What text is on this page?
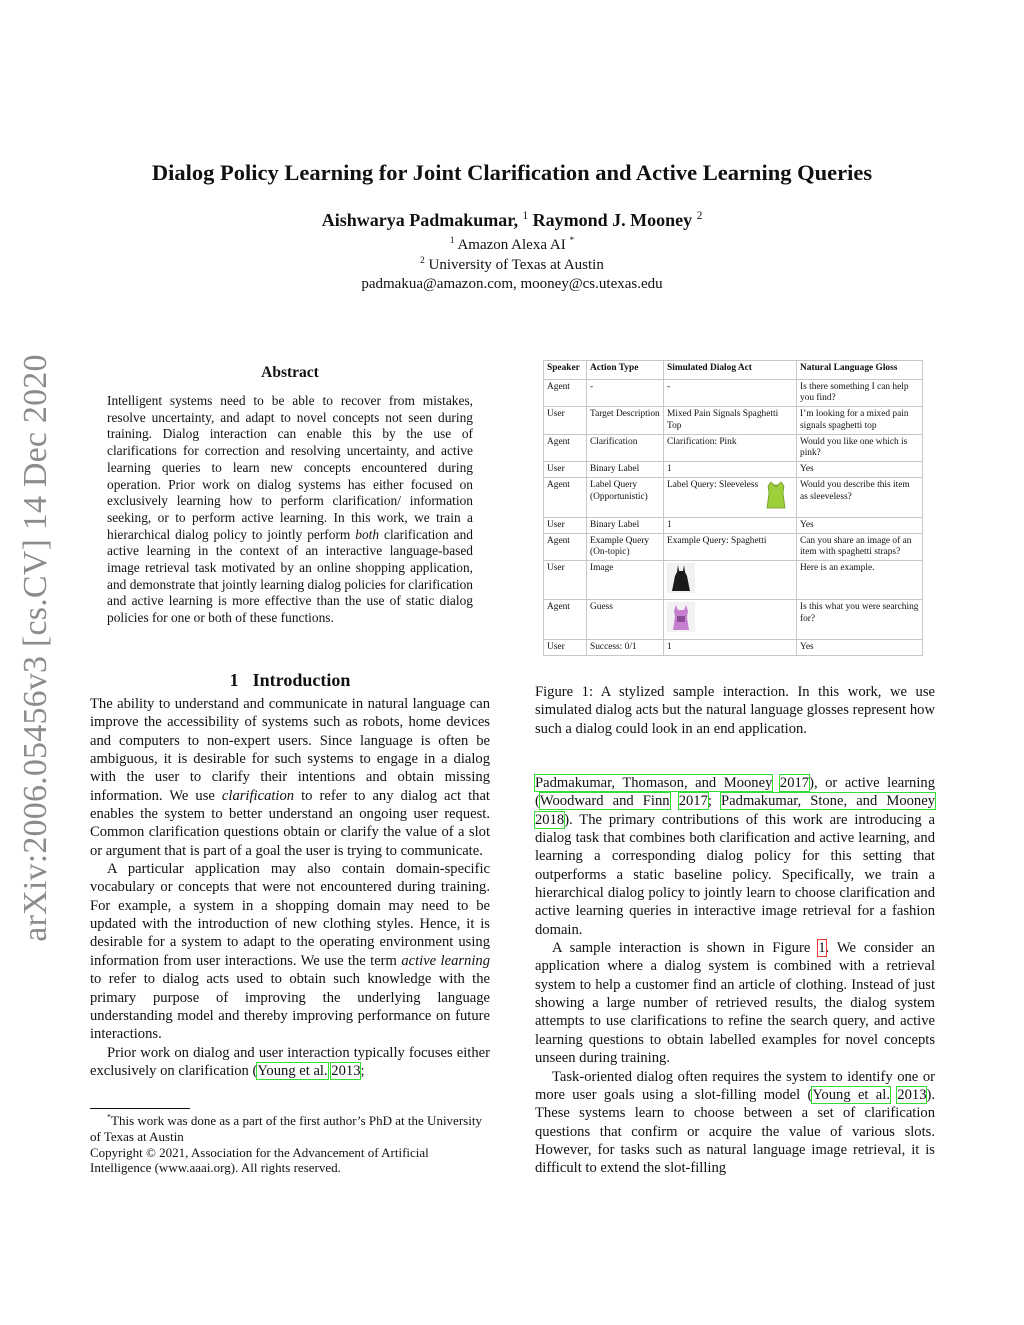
Dialog Policy Learning for Joint Clarification and Active Learning Queries
Aishwarya Padmakumar, $^1$ Raymond J. Mooney $^2$
$^1$ Amazon Alexa AI *
$^2$ University of Texas at Austin
padmakua@amazon.com, mooney@cs.utexas.edu
arXiv:2006.05456v3 [cs.CV] 14 Dec 2020	Abstract
Intelligent systems need to be able to recover from mistakes, resolve uncertainty, and adapt to novel concepts not seen during training. Dialog interaction can enable this by the use of clarifications for correction and resolving uncertainty, and active learning queries to learn new concepts encountered during operation. Prior work on dialog systems has either focused on exclusively learning how to perform clarification/ information seeking, or to perform active learning. In this work, we train a hierarchical dialog policy to jointly perform both clarification and active learning in the context of an interactive language-based image retrieval task motivated by an online shopping application, and demonstrate that jointly learning dialog policies for clarification and active learning is more effective than the use of static dialog policies for one or both of these functions.
1 Introduction

The ability to understand and communicate in natural language can improve the accessibility of systems such as robots, home devices and computers to non-expert users. Since language is often be ambiguous, it is desirable for such systems to engage in a dialog with the user to clarify their intentions and obtain missing information. We use clarification to refer to any dialog act that enables the system to better understand an ongoing user request. Common clarification questions obtain or clarify the value of a slot or argument that is part of a goal the user is trying to communicate.

A particular application may also contain domain-specific vocabulary or concepts that were not encountered during training. For example, a system in a shopping domain may need to be updated with the introduction of new clothing styles. Hence, it is desirable for a system to adapt to the operating environment using information from user interactions. We use the term active learning to refer to dialog acts used to obtain such knowledge with the primary purpose of improving the underlying language understanding model and thereby improving performance on future interactions.

Prior work on dialog and user interaction typically focuses either exclusively on clarification (Young et al. 2013;

*This work was done as a part of the first author’s PhD at the University of Texas at Austin

Copyright © 2021, Association for the Advancement of Artificial Intelligence (www.aaai.org). All rights reserved.

Speaker	Action Type	Simulated Dialog Act	Natural Language Gloss
Agent	-	-	Is there something I can help you find?
User	Target Description	Mixed Pain Signals Spaghetti Top	I’m looking for a mixed pain signals spaghetti top
Agent	Clarification	Clarification: Pink	Would you like one which is pink?
User	Binary Label	1	Yes
Agent	Label Query (Opportunistic)	Label Query: Sleeveless	Would you describe this item as sleeveless?
User	Binary Label	1	Yes
Agent	Example Query (On-topic)	Example Query: Spaghetti	Can you share an image of an item with spaghetti straps?
User	Image		Here is an example.
Agent	Guess		Is this what you were searching for?
User	Success: 0/1	1	Yes
Figure 1: A stylized sample interaction. In this work, we use simulated dialog acts but the natural language glosses represent how such a dialog could look in an end application.

Padmakumar, Thomason, and Mooney 2017), or active learning (Woodward and Finn 2017; Padmakumar, Stone, and Mooney 2018). The primary contributions of this work are introducing a dialog task that combines both clarification and active learning, and learning a corresponding dialog policy for this setting that outperforms a static baseline policy. Specifically, we train a hierarchical dialog policy to jointly learn to choose clarification and active learning queries in interactive image retrieval for a fashion domain.

A sample interaction is shown in Figure 1. We consider an application where a dialog system is combined with a retrieval system to help a customer find an article of clothing. Instead of just showing a large number of retrieved results, the dialog system attempts to use clarifications to refine the search query, and active learning questions to obtain labelled examples for novel concepts unseen during training.

Task-oriented dialog often requires the system to identify one or more user goals using a slot-filling model (Young et al. 2013). These systems learn to choose between a set of clarification questions that confirm or acquire the value of various slots. However, for tasks such as natural language image retrieval, it is difficult to extend the slot-filling
